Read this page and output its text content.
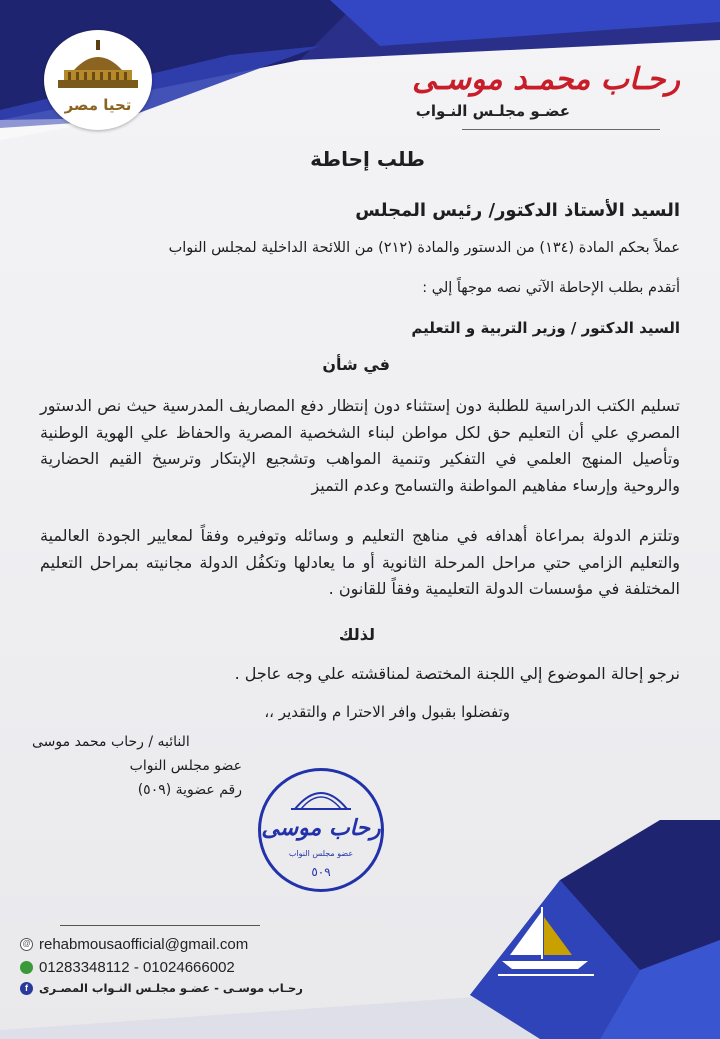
تحيا مصر
رحـاب محمـد موسـى
عضـو مجلـس النـواب
طلب إحاطة
السيد الأستاذ الدكتور/ رئيس المجلس
عملاً بحكم المادة (١٣٤) من الدستور والمادة (٢١٢) من اللائحة الداخلية لمجلس النواب
أتقدم بطلب الإحاطة الآتي نصه موجهاً إلي :
السيد الدكتور / وزير التربية و التعليم
في شأن
تسليم الكتب الدراسية للطلبة دون إستثناء دون إنتظار دفع المصاريف المدرسية حيث نص الدستور المصري علي أن التعليم حق لكل مواطن لبناء الشخصية المصرية والحفاظ علي الهوية الوطنية وتأصيل المنهج العلمي في التفكير وتنمية المواهب وتشجيع الإبتكار وترسيخ القيم الحضارية والروحية وإرساء مفاهيم المواطنة والتسامح وعدم التميز
وتلتزم الدولة بمراعاة أهدافه في مناهج التعليم و وسائله وتوفيره وفقاً لمعايير الجودة العالمية والتعليم الزامي حتي مراحل المرحلة الثانوية أو ما يعادلها وتكفُل الدولة مجانيته بمراحل التعليم المختلفة في مؤسسات الدولة التعليمية وفقاً للقانون .
لذلك
نرجو إحالة الموضوع إلي اللجنة المختصة لمناقشته علي وجه عاجل .
وتفضلوا بقبول وافر الاحترا م والتقدير ،،
النائبه / رحاب محمد موسى
عضو مجلس النواب
رقم عضوية (٥٠٩)
رحاب موسى
عضو مجلس النواب
٥٠٩
@ rehabmousaofficial@gmail.com
01283348112 - 01024666002
f رحـاب موسـى - عضـو مجلـس النـواب المصـرى
